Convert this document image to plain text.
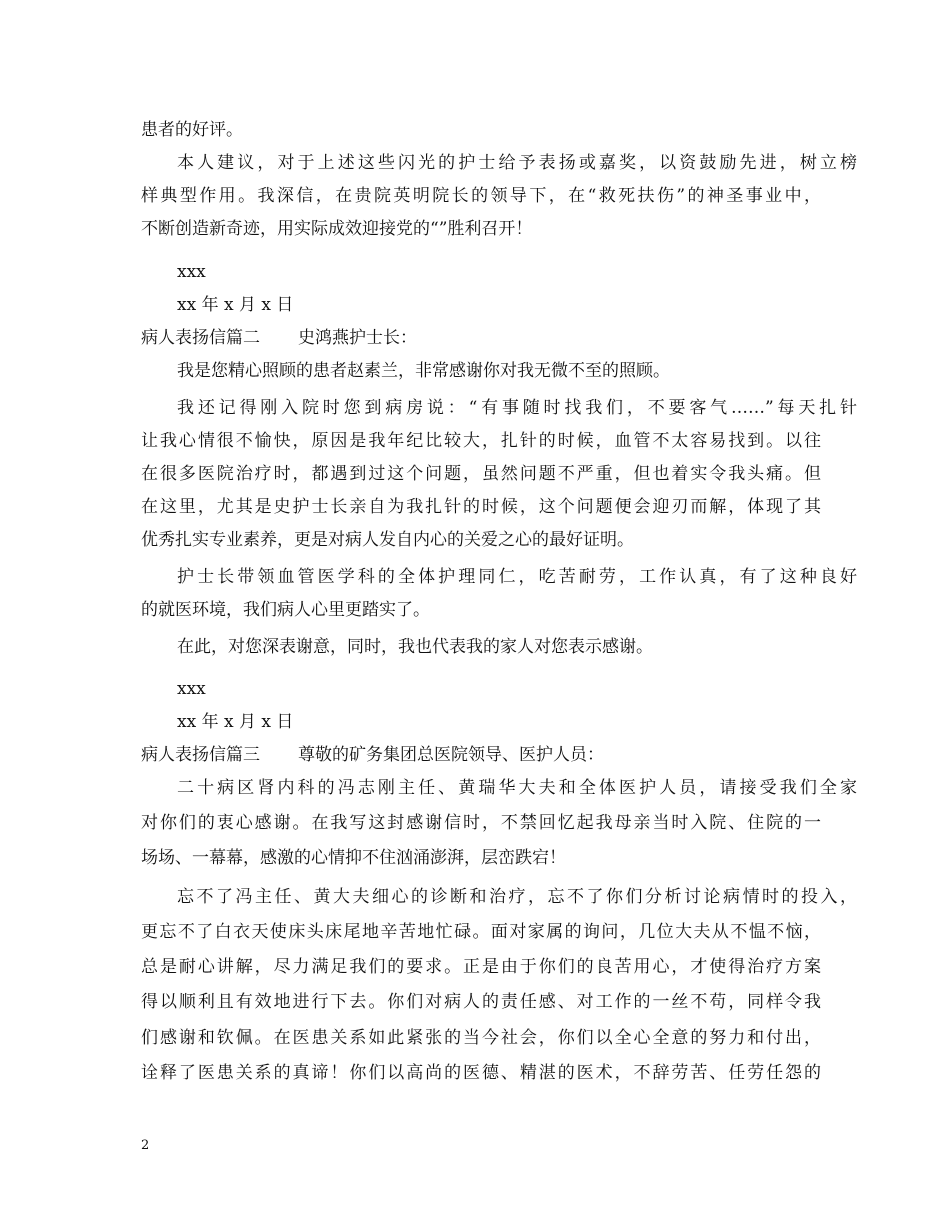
患者的好评。
本人建议，对于上述这些闪光的护士给予表扬或嘉奖，以资鼓励先进，树立榜
样典型作用。我深信，在贵院英明院长的领导下，在“救死扶伤”的神圣事业中，
不断创造新奇迹，用实际成效迎接党的“”胜利召开！
xxx
xx 年 x 月 x 日
病人表扬信篇二 史鸿燕护士长：
我是您精心照顾的患者赵素兰，非常感谢你对我无微不至的照顾。
我还记得刚入院时您到病房说：“有事随时找我们，不要客气……”每天扎针
让我心情很不愉快，原因是我年纪比较大，扎针的时候，血管不太容易找到。以往
在很多医院治疗时，都遇到过这个问题，虽然问题不严重，但也着实令我头痛。但
在这里，尤其是史护士长亲自为我扎针的时候，这个问题便会迎刃而解，体现了其
优秀扎实专业素养，更是对病人发自内心的关爱之心的最好证明。
护士长带领血管医学科的全体护理同仁，吃苦耐劳，工作认真，有了这种良好
的就医环境，我们病人心里更踏实了。
在此，对您深表谢意，同时，我也代表我的家人对您表示感谢。
xxx
xx 年 x 月 x 日
病人表扬信篇三 尊敬的矿务集团总医院领导、医护人员：
二十病区肾内科的冯志刚主任、黄瑞华大夫和全体医护人员，请接受我们全家
对你们的衷心感谢。在我写这封感谢信时，不禁回忆起我母亲当时入院、住院的一
场场、一幕幕，感激的心情抑不住汹涌澎湃，层峦跌宕！
忘不了冯主任、黄大夫细心的诊断和治疗，忘不了你们分析讨论病情时的投入，
更忘不了白衣天使床头床尾地辛苦地忙碌。面对家属的询问，几位大夫从不愠不恼，
总是耐心讲解，尽力满足我们的要求。正是由于你们的良苦用心，才使得治疗方案
得以顺利且有效地进行下去。你们对病人的责任感、对工作的一丝不苟，同样令我
们感谢和钦佩。在医患关系如此紧张的当今社会，你们以全心全意的努力和付出，
诠释了医患关系的真谛！你们以高尚的医德、精湛的医术，不辞劳苦、任劳任怨的
2
